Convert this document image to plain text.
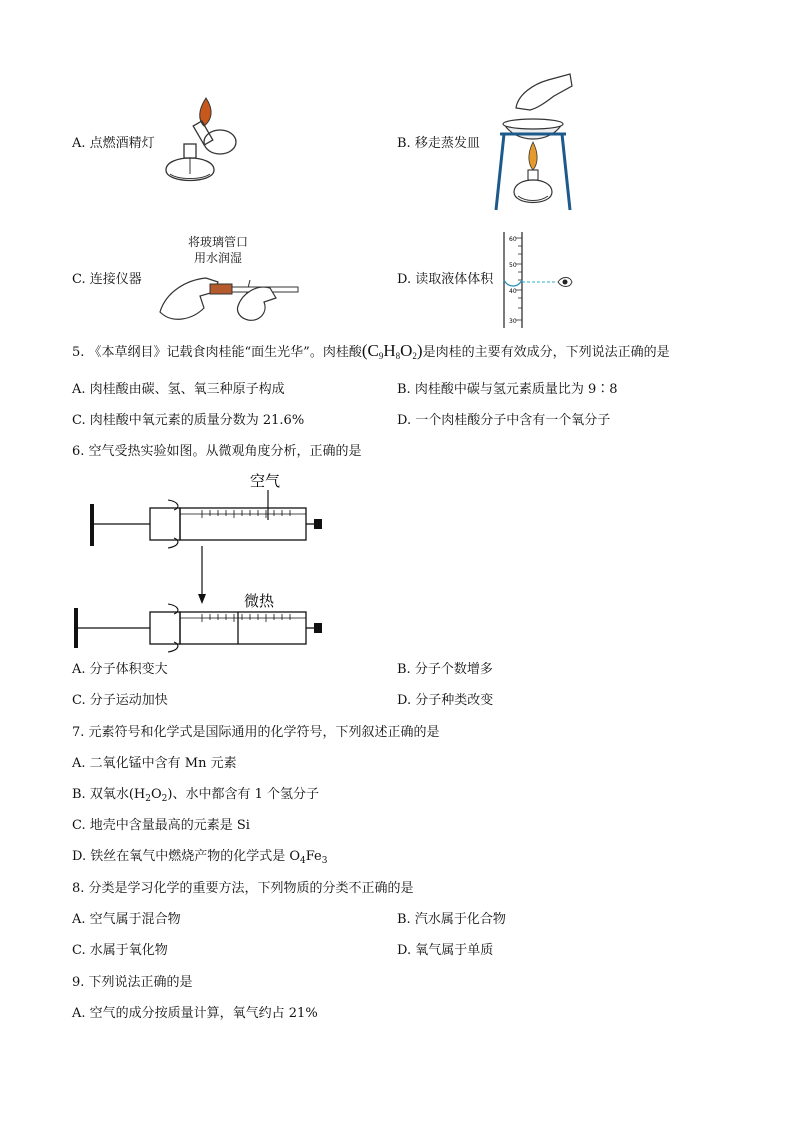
A. 点燃酒精灯	B. 移走蒸发皿
C. 连接仪器
将玻璃管口
用水润湿
D. 读取液体体积
60
50
40
30
5. 《本草纲目》记载食肉桂能“面生光华”。肉桂酸$(C_9H_8O_2)$是肉桂的主要有效成分，下列说法正确的是
A. 肉桂酸由碳、氢、氧三种原子构成	B. 肉桂酸中碳与氢元素质量比为 9∶8
C. 肉桂酸中氧元素的质量分数为 21.6%	D. 一个肉桂酸分子中含有一个氧分子
6. 空气受热实验如图。从微观角度分析，正确的是
空气
微热
A. 分子体积变大	B. 分子个数增多
C. 分子运动加快	D. 分子种类改变
7. 元素符号和化学式是国际通用的化学符号，下列叙述正确的是
A. 二氧化锰中含有 Mn 元素
B. 双氧水$(H_2O_2)$、水中都含有 1 个氢分子
C. 地壳中含量最高的元素是 Si
D. 铁丝在氧气中燃烧产物的化学式是 $O_4Fe_3$
8. 分类是学习化学的重要方法，下列物质的分类不正确的是
A. 空气属于混合物	B. 汽水属于化合物
C. 水属于氧化物	D. 氧气属于单质
9. 下列说法正确的是
A. 空气的成分按质量计算，氧气约占 21%
